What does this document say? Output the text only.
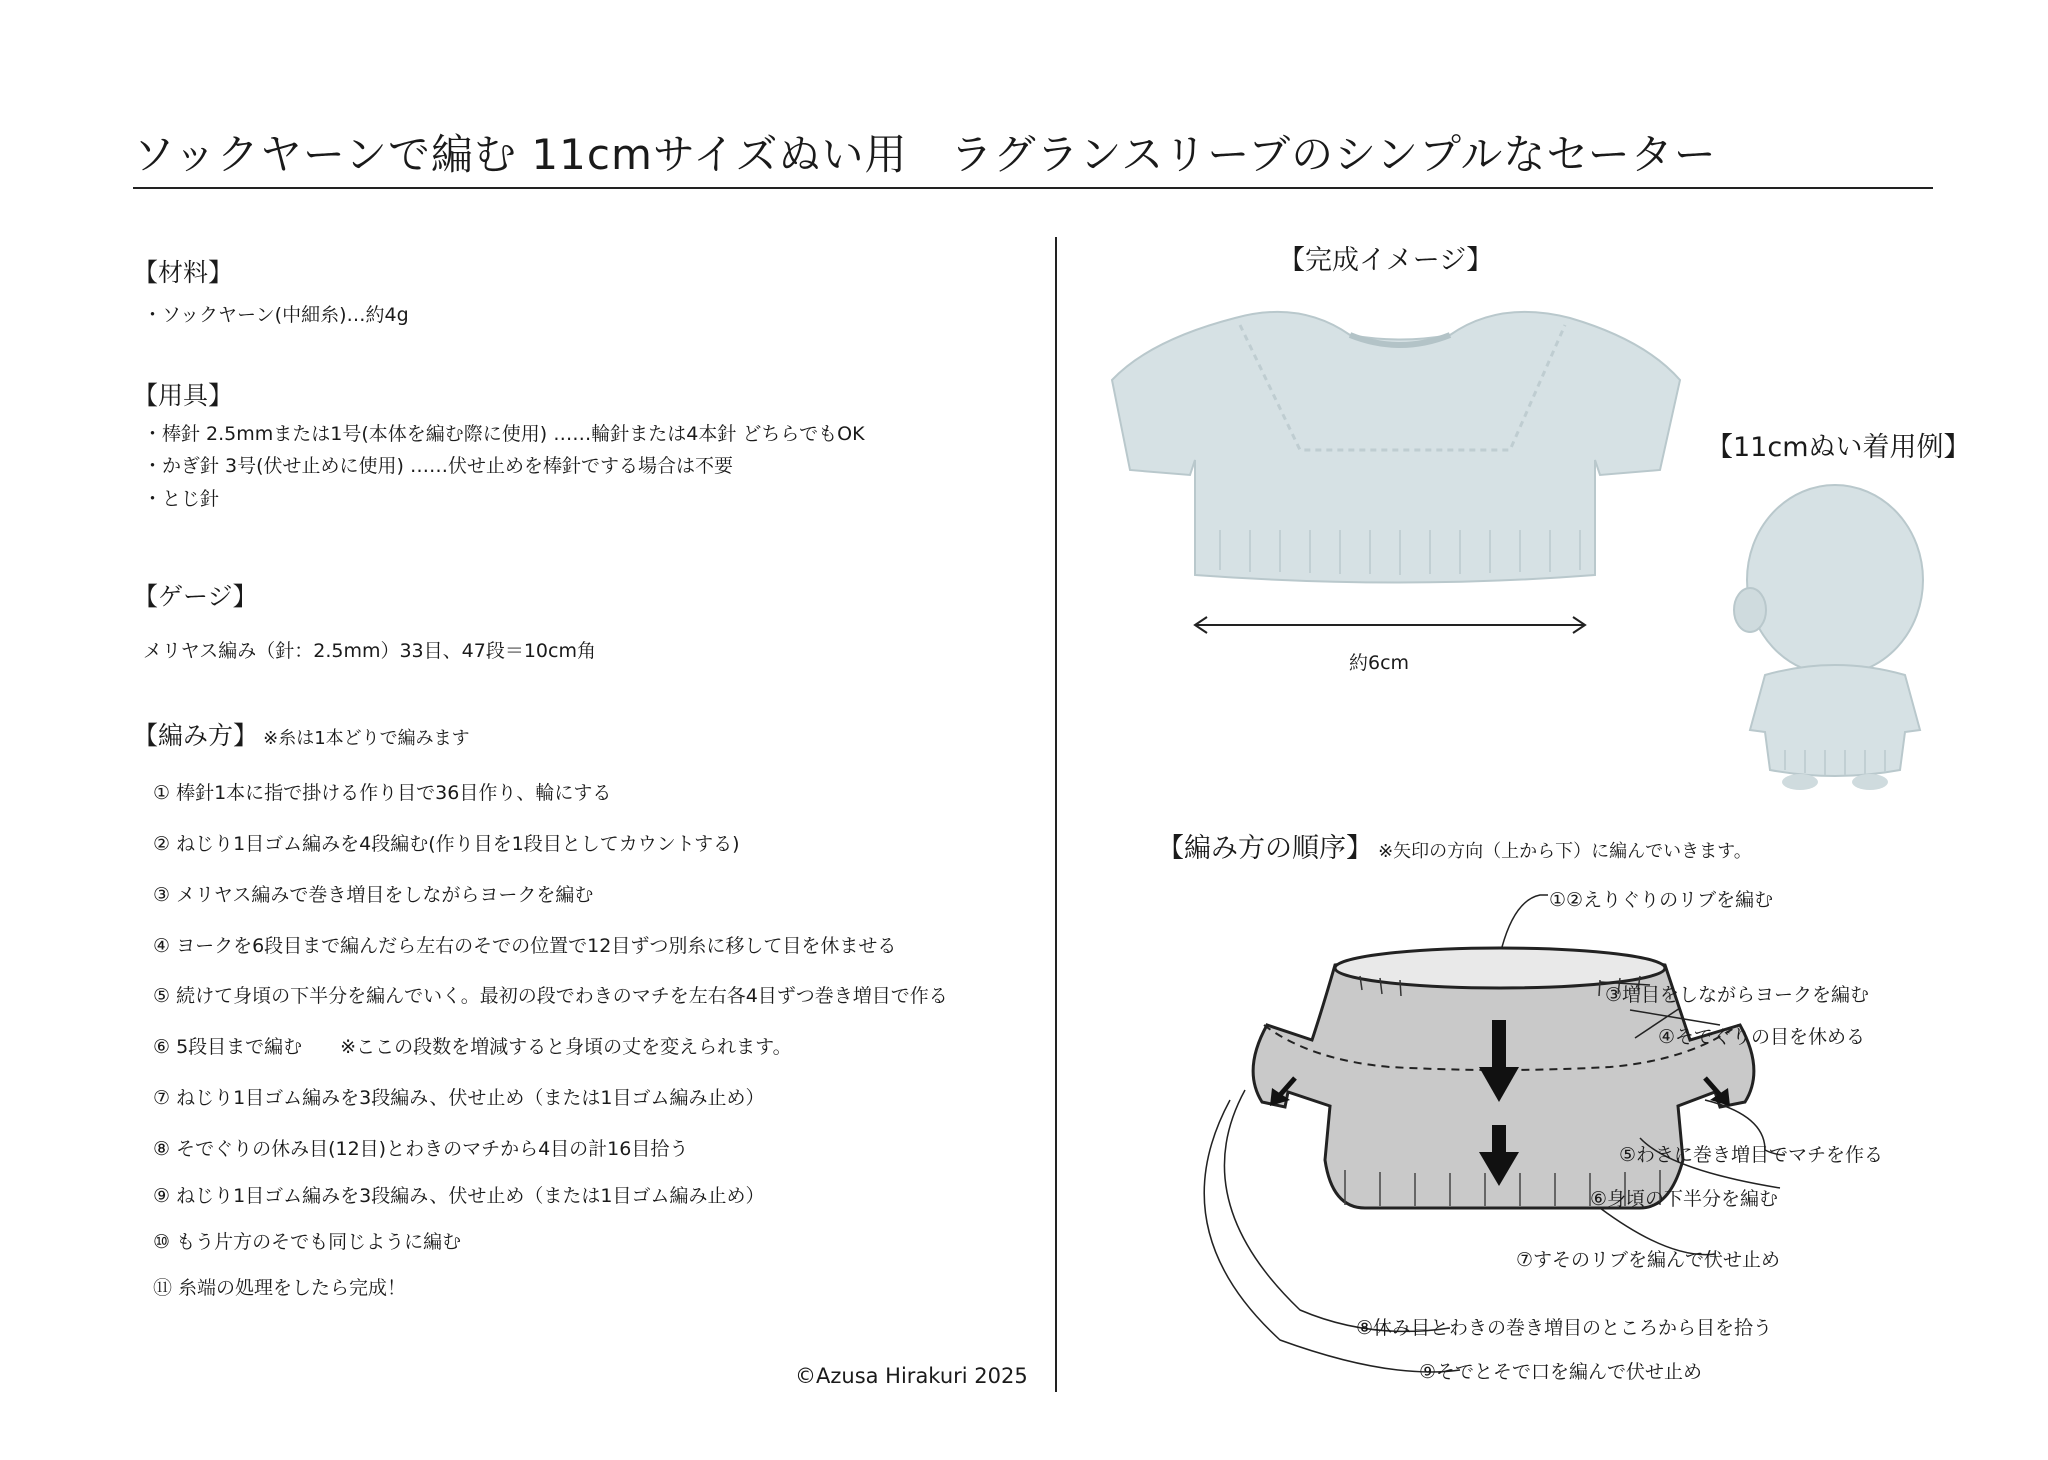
ソックヤーンで編む 11cmサイズぬい用　ラグランスリーブのシンプルなセーター
【材料】
・ソックヤーン(中細糸)…約4g
【用具】
・棒針 2.5mmまたは1号(本体を編む際に使用) ……輪針または4本針 どちらでもOK
・かぎ針 3号(伏せ止めに使用) ……伏せ止めを棒針でする場合は不要
・とじ針
【ゲージ】
メリヤス編み（針：2.5mm）33目、47段＝10cm角
【編み方】 ※糸は1本どりで編みます
① 棒針1本に指で掛ける作り目で36目作り、輪にする
② ねじり1目ゴム編みを4段編む(作り目を1段目としてカウントする)
③ メリヤス編みで巻き増目をしながらヨークを編む
④ ヨークを6段目まで編んだら左右のそでの位置で12目ずつ別糸に移して目を休ませる
⑤ 続けて身頃の下半分を編んでいく。最初の段でわきのマチを左右各4目ずつ巻き増目で作る
⑥ 5段目まで編む　　※ここの段数を増減すると身頃の丈を変えられます。
⑦ ねじり1目ゴム編みを3段編み、伏せ止め（または1目ゴム編み止め）
⑧ そでぐりの休み目(12目)とわきのマチから4目の計16目拾う
⑨ ねじり1目ゴム編みを3段編み、伏せ止め（または1目ゴム編み止め）
⑩ もう片方のそでも同じように編む
⑪ 糸端の処理をしたら完成！
©Azusa Hirakuri 2025
【完成イメージ】
約6cm
【11cmぬい着用例】
【編み方の順序】 ※矢印の方向（上から下）に編んでいきます。
①②えりぐりのリブを編む
③増目をしながらヨークを編む
④そでぐりの目を休める
⑤わきに巻き増目でマチを作る
⑥身頃の下半分を編む
⑦すそのリブを編んで伏せ止め
⑧休み目とわきの巻き増目のところから目を拾う
⑨そでとそで口を編んで伏せ止め
